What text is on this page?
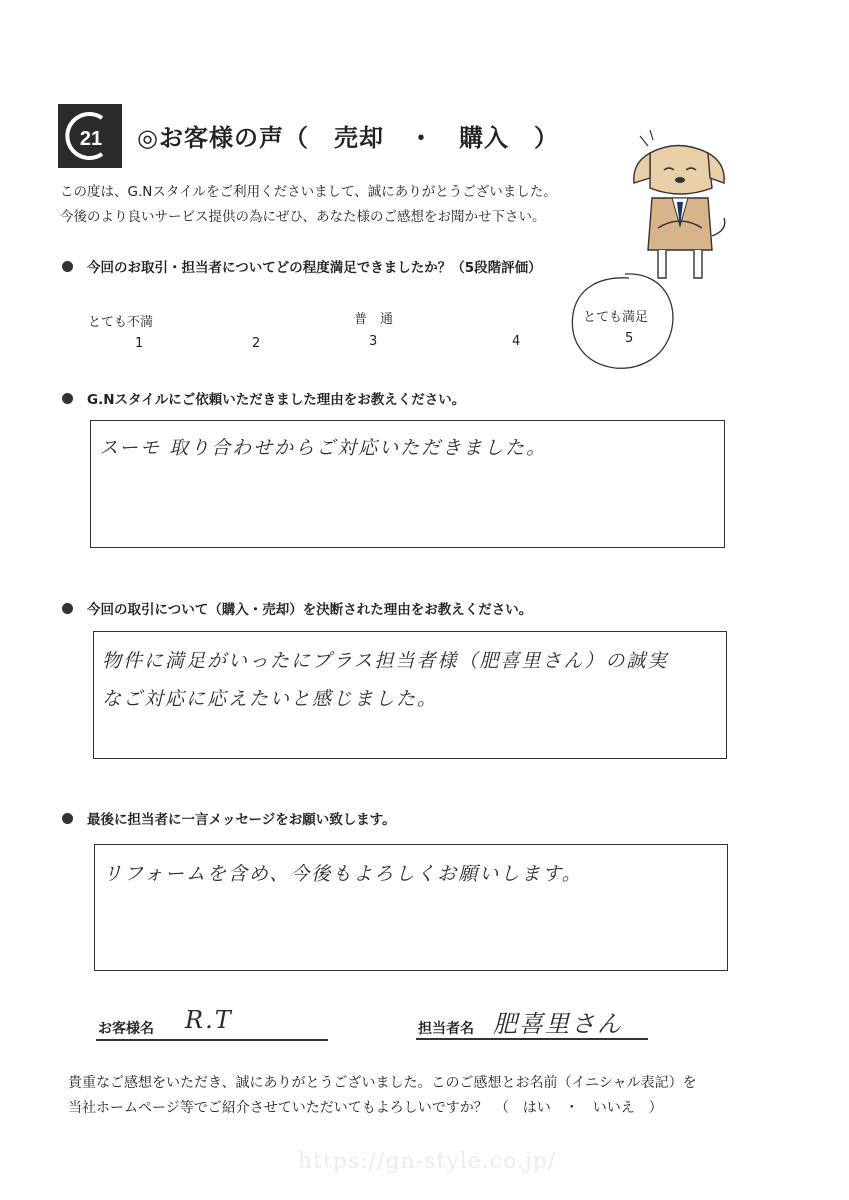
21 ◎お客様の声（　売却　・　購入　）
この度は、G.Nスタイルをご利用くださいまして、誠にありがとうございました。
今後のより良いサービス提供の為にぜひ、あなた様のご感想をお聞かせ下さい。
今回のお取引・担当者についてどの程度満足できましたか？（5段階評価）
とても不満	普　通	とても満足
1	2	3	4	5
G.Nスタイルにご依頼いただきました理由をお教えください。
スーモ 取り合わせからご対応いただきました。
今回の取引について（購入・売却）を決断された理由をお教えください。
物件に満足がいったにプラス担当者様（肥喜里さん）の誠実
なご対応に応えたいと感じました。
最後に担当者に一言メッセージをお願い致します。
リフォームを含め、今後もよろしくお願いします。
お客様名 R.T	担当者名 肥喜里さん
貴重なご感想をいただき、誠にありがとうございました。このご感想とお名前（イニシャル表記）を
当社ホームページ等でご紹介させていただいてもよろしいですか？　（　はい　・　いいえ　）
https://gn-style.co.jp/
